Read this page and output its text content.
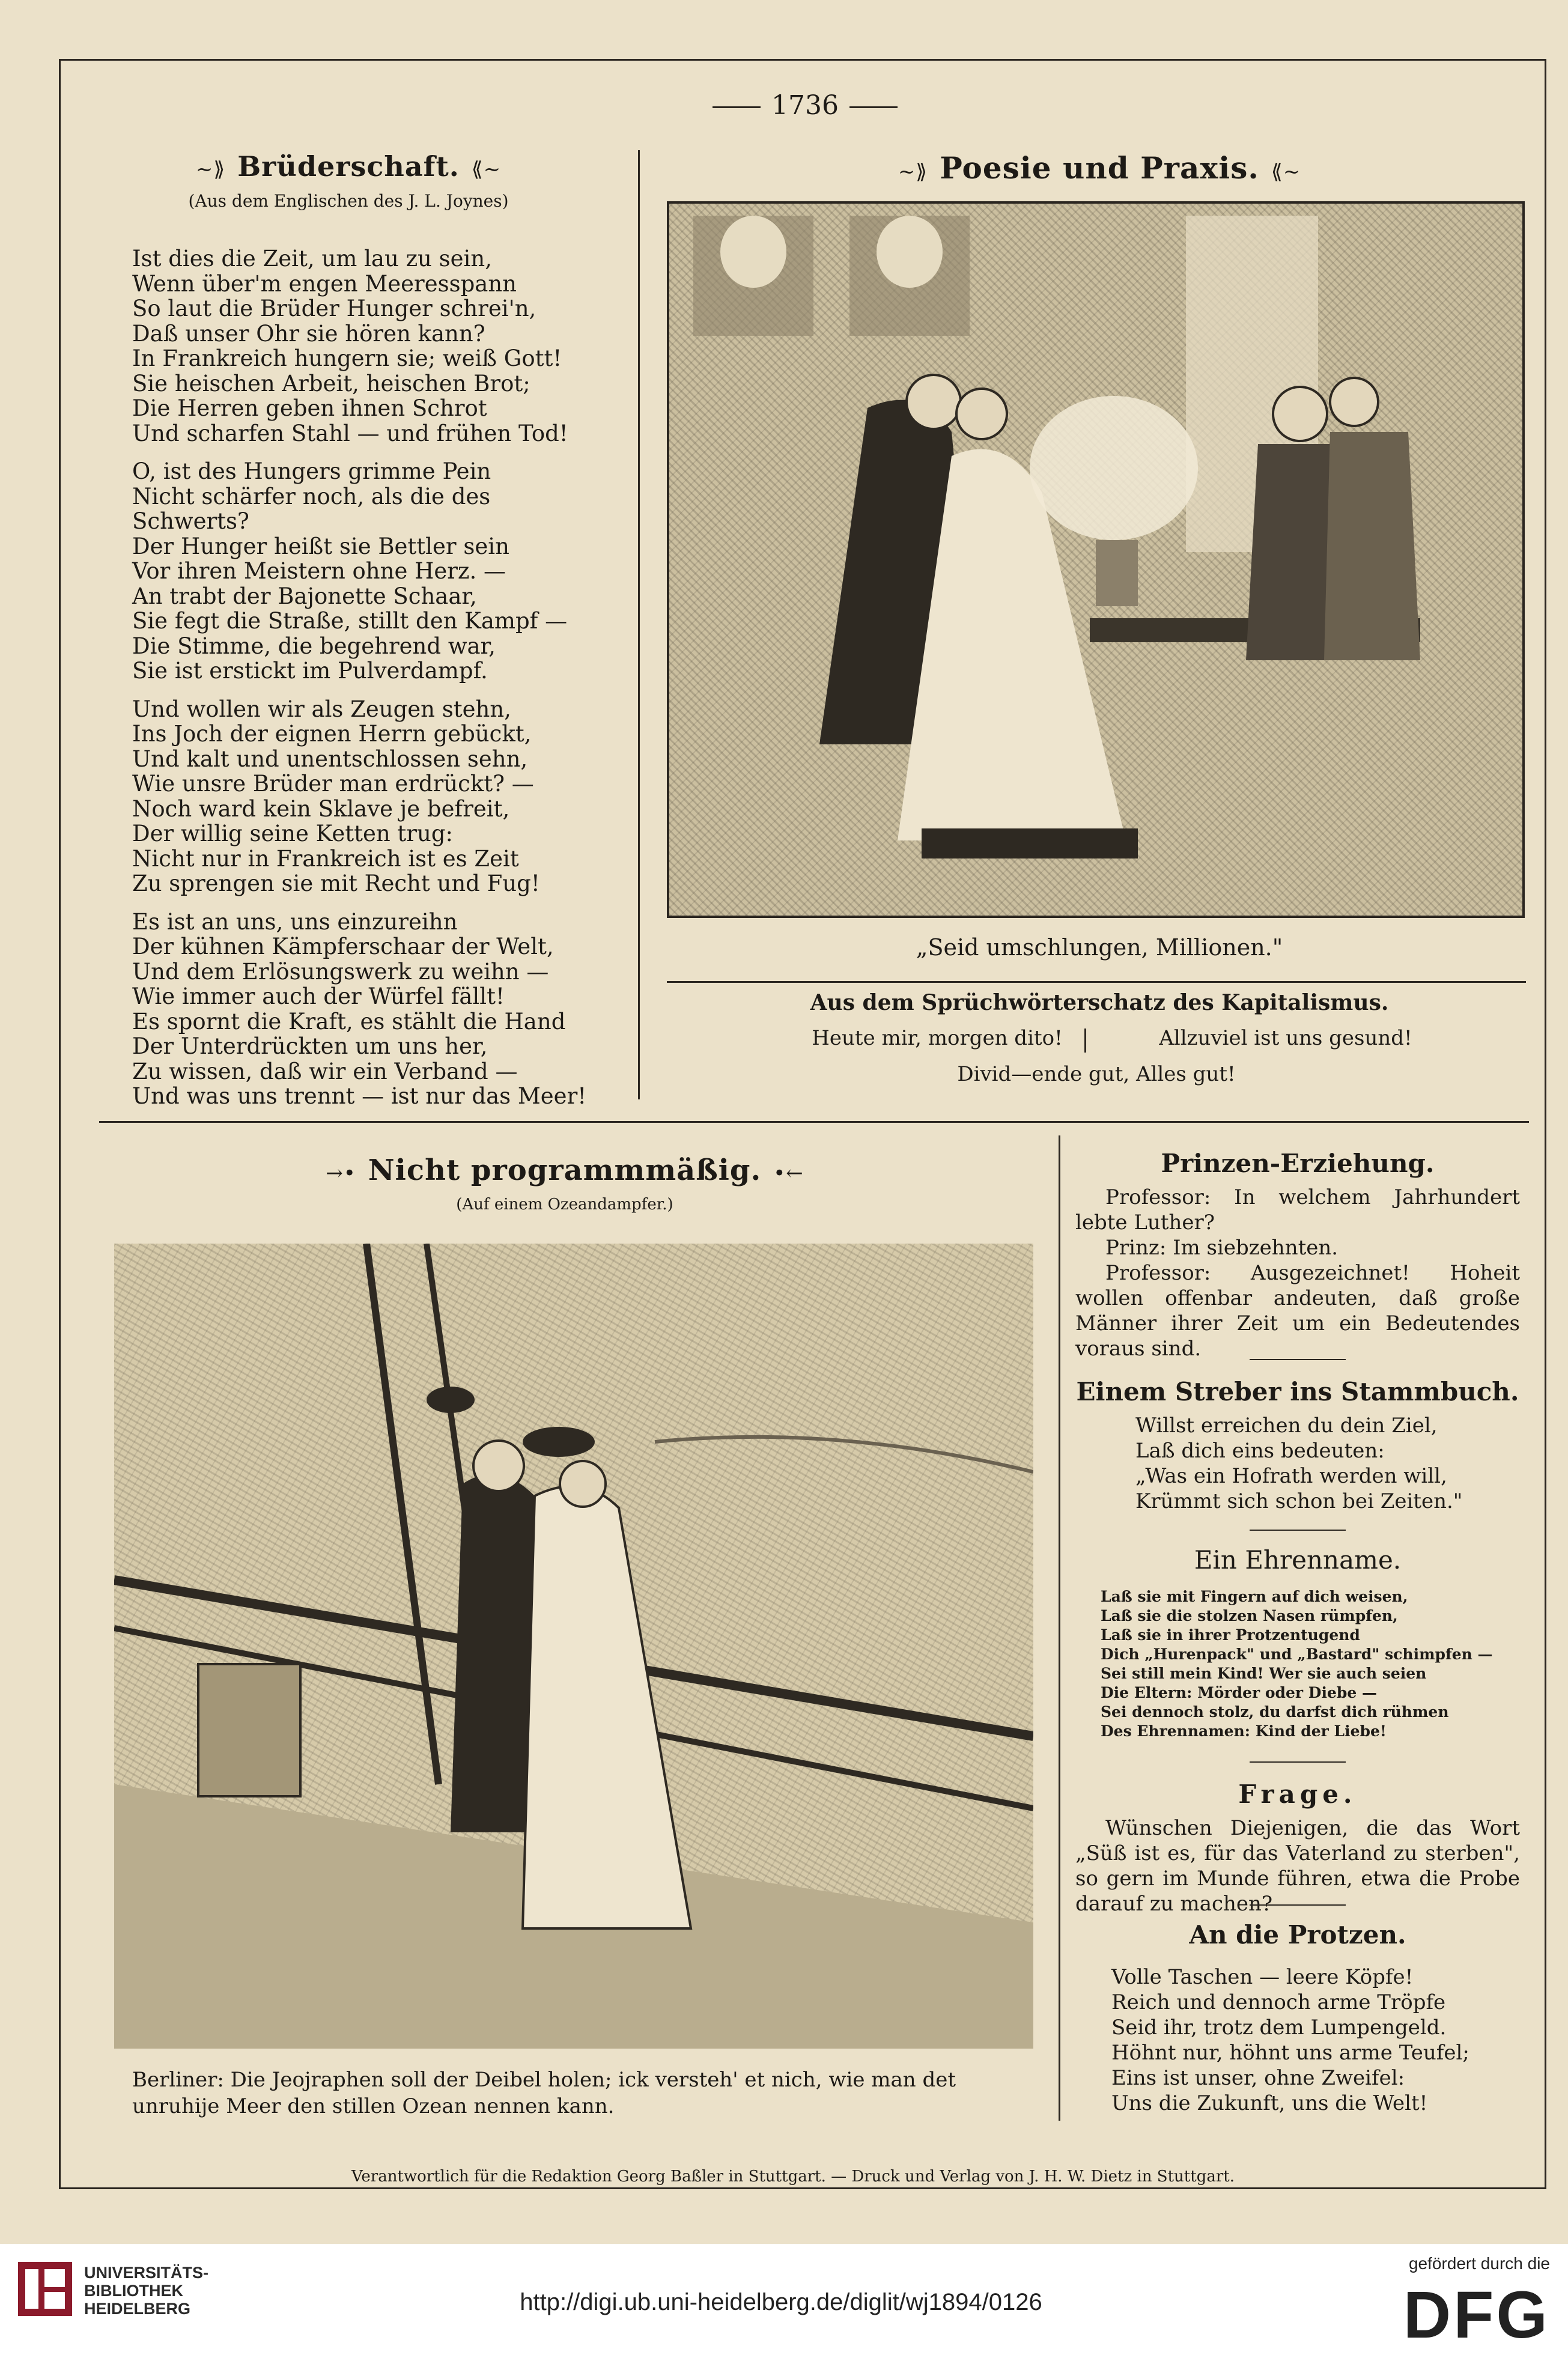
1736
~⟫ Brüderschaft. ⟪~
(Aus dem Englischen des J. L. Joynes)

Ist dies die Zeit, um lau zu sein,
Wenn über'm engen Meeresspann
So laut die Brüder Hunger schrei'n,
Daß unser Ohr sie hören kann?
In Frankreich hungern sie; weiß Gott!
Sie heischen Arbeit, heischen Brot;
Die Herren geben ihnen Schrot
Und scharfen Stahl — und frühen Tod!

O, ist des Hungers grimme Pein
Nicht schärfer noch, als die des Schwerts?
Der Hunger heißt sie Bettler sein
Vor ihren Meistern ohne Herz. —
An trabt der Bajonette Schaar,
Sie fegt die Straße, stillt den Kampf —
Die Stimme, die begehrend war,
Sie ist erstickt im Pulverdampf.

Und wollen wir als Zeugen stehn,
Ins Joch der eignen Herrn gebückt,
Und kalt und unentschlossen sehn,
Wie unsre Brüder man erdrückt? —
Noch ward kein Sklave je befreit,
Der willig seine Ketten trug:
Nicht nur in Frankreich ist es Zeit
Zu sprengen sie mit Recht und Fug!

Es ist an uns, uns einzureihn
Der kühnen Kämpferschaar der Welt,
Und dem Erlösungswerk zu weihn —
Wie immer auch der Würfel fällt!
Es spornt die Kraft, es stählt die Hand
Der Unterdrückten um uns her,
Zu wissen, daß wir ein Verband —
Und was uns trennt — ist nur das Meer!

~⟫ Poesie und Praxis. ⟪~
„Seid umschlungen, Millionen."
Aus dem Sprüchwörterschatz des Kapitalismus.
Heute mir, morgen dito!	Allzuviel ist uns gesund!
Divid—ende gut, Alles gut!
→• Nicht programmmäßig. •←
(Auf einem Ozeandampfer.)
Berliner: Die Jeojraphen soll der Deibel holen; ick versteh' et nich, wie man det unruhije Meer den stillen Ozean nennen kann.
Prinzen-Erziehung.
Professor: In welchem Jahrhundert lebte Luther?
Prinz: Im siebzehnten.
Professor: Ausgezeichnet! Hoheit wollen offenbar andeuten, daß große Männer ihrer Zeit um ein Bedeutendes voraus sind.
Einem Streber ins Stammbuch.
Willst erreichen du dein Ziel,
Laß dich eins bedeuten:
„Was ein Hofrath werden will,
Krümmt sich schon bei Zeiten."
Ein Ehrenname.
Laß sie mit Fingern auf dich weisen,
Laß sie die stolzen Nasen rümpfen,
Laß sie in ihrer Protzentugend
Dich „Hurenpack" und „Bastard" schimpfen —
Sei still mein Kind! Wer sie auch seien
Die Eltern: Mörder oder Diebe —
Sei dennoch stolz, du darfst dich rühmen
Des Ehrennamen: Kind der Liebe!
Frage.
Wünschen Diejenigen, die das Wort „Süß ist es, für das Vaterland zu sterben", so gern im Munde führen, etwa die Probe darauf zu machen?
An die Protzen.
Volle Taschen — leere Köpfe!
Reich und dennoch arme Tröpfe
Seid ihr, trotz dem Lumpengeld.
Höhnt nur, höhnt uns arme Teufel;
Eins ist unser, ohne Zweifel:
Uns die Zukunft, uns die Welt!
Verantwortlich für die Redaktion Georg Baßler in Stuttgart. — Druck und Verlag von J. H. W. Dietz in Stuttgart.
UNIVERSITÄTS-
BIBLIOTHEK
HEIDELBERG	http://digi.ub.uni-heidelberg.de/diglit/wj1894/0126
gefördert durch die
DFG
